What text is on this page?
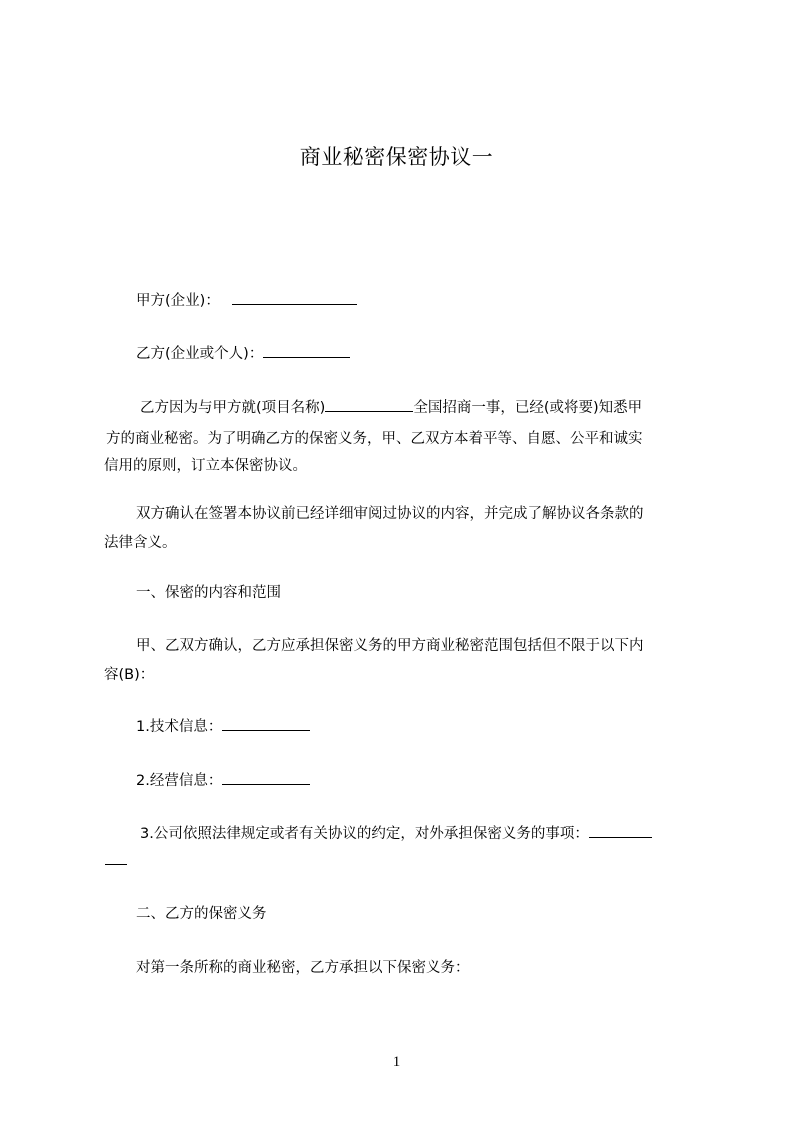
商业秘密保密协议一
甲方(企业)：
乙方(企业或个人)：
乙方因为与甲方就(项目名称)	全国招商一事，已经(或将要)知悉甲
方的商业秘密。为了明确乙方的保密义务，甲、乙双方本着平等、自愿、公平和诚实
信用的原则，订立本保密协议。
双方确认在签署本协议前已经详细审阅过协议的内容，并完成了解协议各条款的
法律含义。
一、保密的内容和范围
甲、乙双方确认，乙方应承担保密义务的甲方商业秘密范围包括但不限于以下内
容(B)：
1.技术信息：
2.经营信息：
3.公司依照法律规定或者有关协议的约定，对外承担保密义务的事项：
二、乙方的保密义务
对第一条所称的商业秘密，乙方承担以下保密义务：
1
